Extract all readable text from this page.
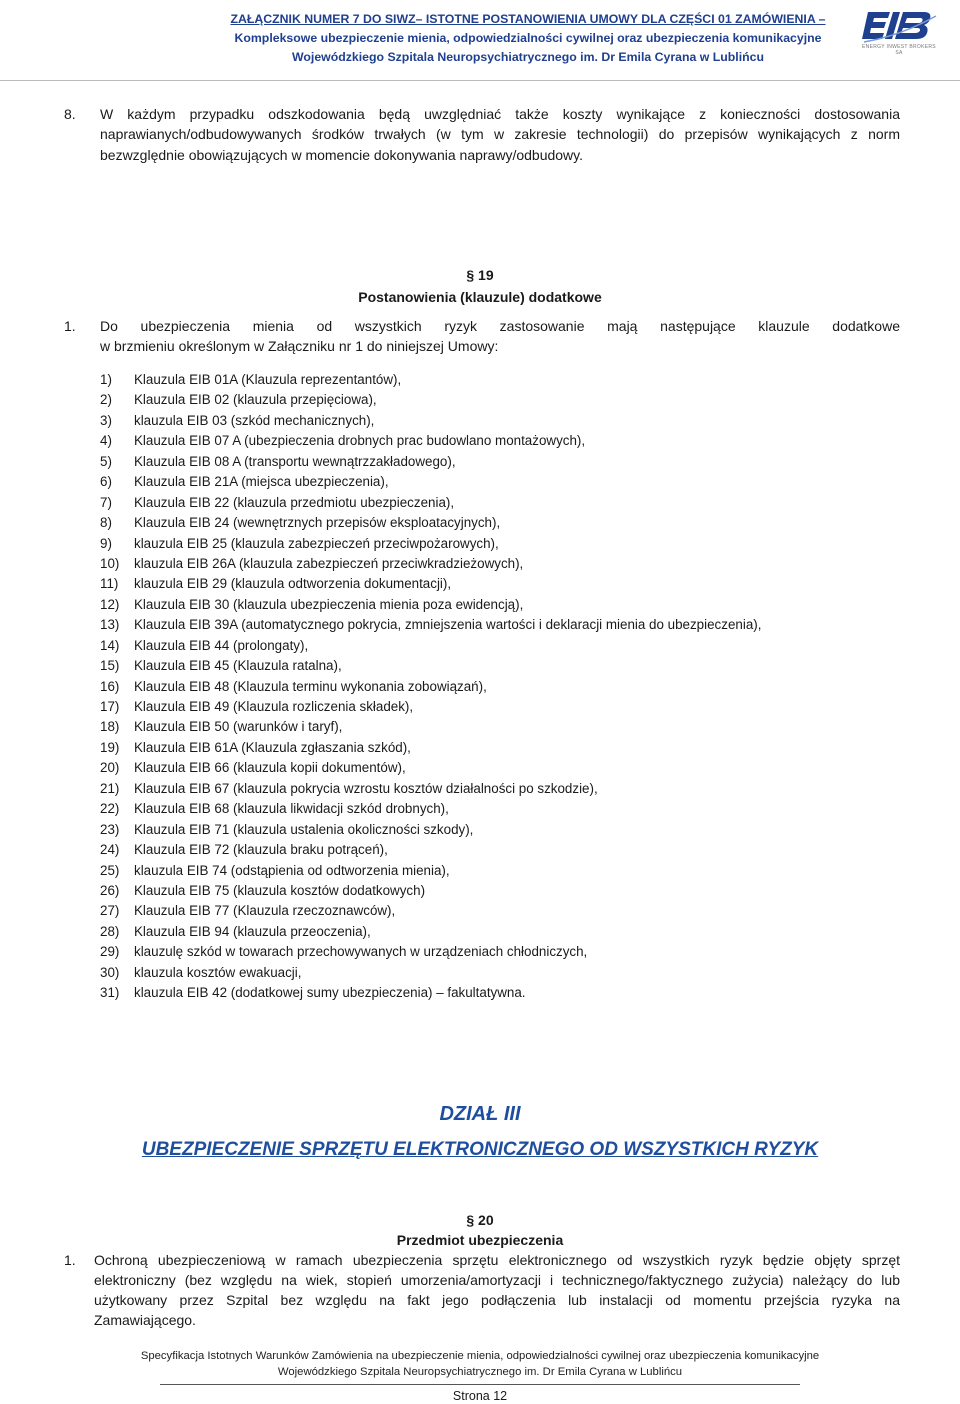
ZAŁĄCZNIK NUMER 7 DO SIWZ– ISTOTNE POSTANOWIENIA UMOWY DLA CZĘŚCI 01 ZAMÓWIENIA –
Kompleksowe ubezpieczenie mienia, odpowiedzialności cywilnej oraz ubezpieczenia komunikacyjne
Wojewódzkiego Szpitala Neuropsychiatrycznego im. Dr Emila Cyrana w Lublińcu
ENERGY INWEST BROKERS SA
8. W każdym przypadku odszkodowania będą uwzględniać także koszty wynikające z konieczności dostosowania
naprawianych/odbudowywanych środków trwałych (w tym w zakresie technologii) do przepisów wynikających z norm
bezwzględnie obowiązujących w momencie dokonywania naprawy/odbudowy.
§ 19
Postanowienia (klauzule) dodatkowe
1. Do ubezpieczenia mienia od wszystkich ryzyk zastosowanie mają następujące klauzule dodatkowe
w brzmieniu określonym w Załączniku nr 1 do niniejszej Umowy:
1) Klauzula EIB 01A (Klauzula reprezentantów),
2) Klauzula EIB 02 (klauzula przepięciowa),
3) klauzula EIB 03 (szkód mechanicznych),
4) Klauzula EIB 07 A (ubezpieczenia drobnych prac budowlano montażowych),
5) Klauzula EIB 08 A (transportu wewnątrzzakładowego),
6) Klauzula EIB 21A (miejsca ubezpieczenia),
7) Klauzula EIB 22 (klauzula przedmiotu ubezpieczenia),
8) Klauzula EIB 24 (wewnętrznych przepisów eksploatacyjnych),
9) klauzula EIB 25 (klauzula zabezpieczeń przeciwpożarowych),
10) klauzula EIB 26A (klauzula zabezpieczeń przeciwkradzieżowych),
11) klauzula EIB 29 (klauzula odtworzenia dokumentacji),
12) Klauzula EIB 30 (klauzula ubezpieczenia mienia poza ewidencją),
13) Klauzula EIB 39A (automatycznego pokrycia, zmniejszenia wartości i deklaracji mienia do ubezpieczenia),
14) Klauzula EIB 44 (prolongaty),
15) Klauzula EIB 45 (Klauzula ratalna),
16) Klauzula EIB 48 (Klauzula terminu wykonania zobowiązań),
17) Klauzula EIB 49 (Klauzula rozliczenia składek),
18) Klauzula EIB 50 (warunków i taryf),
19) Klauzula EIB 61A (Klauzula zgłaszania szkód),
20) Klauzula EIB 66 (klauzula kopii dokumentów),
21) Klauzula EIB 67 (klauzula pokrycia wzrostu kosztów działalności po szkodzie),
22) Klauzula EIB 68 (klauzula likwidacji szkód drobnych),
23) Klauzula EIB 71 (klauzula ustalenia okoliczności szkody),
24) Klauzula EIB 72 (klauzula braku potrąceń),
25) klauzula EIB 74 (odstąpienia od odtworzenia mienia),
26) Klauzula EIB 75 (klauzula kosztów dodatkowych)
27) Klauzula EIB 77 (Klauzula rzeczoznawców),
28) Klauzula EIB 94 (klauzula przeoczenia),
29) klauzulę szkód w towarach przechowywanych w urządzeniach chłodniczych,
30) klauzula kosztów ewakuacji,
31) klauzula EIB 42 (dodatkowej sumy ubezpieczenia) – fakultatywna.
DZIAŁ III
UBEZPIECZENIE SPRZĘTU ELEKTRONICZNEGO OD WSZYSTKICH RYZYK
§ 20
Przedmiot ubezpieczenia
1. Ochroną ubezpieczeniową w ramach ubezpieczenia sprzętu elektronicznego od wszystkich ryzyk będzie objęty sprzęt
elektroniczny (bez względu na wiek, stopień umorzenia/amortyzacji i technicznego/faktycznego zużycia) należący do lub
użytkowany przez Szpital bez względu na fakt jego podłączenia lub instalacji od momentu przejścia ryzyka na
Zamawiającego.
Specyfikacja Istotnych Warunków Zamówienia na ubezpieczenie mienia, odpowiedzialności cywilnej oraz ubezpieczenia komunikacyjne
Wojewódzkiego Szpitala Neuropsychiatrycznego im. Dr Emila Cyrana w Lublińcu
Strona 12
